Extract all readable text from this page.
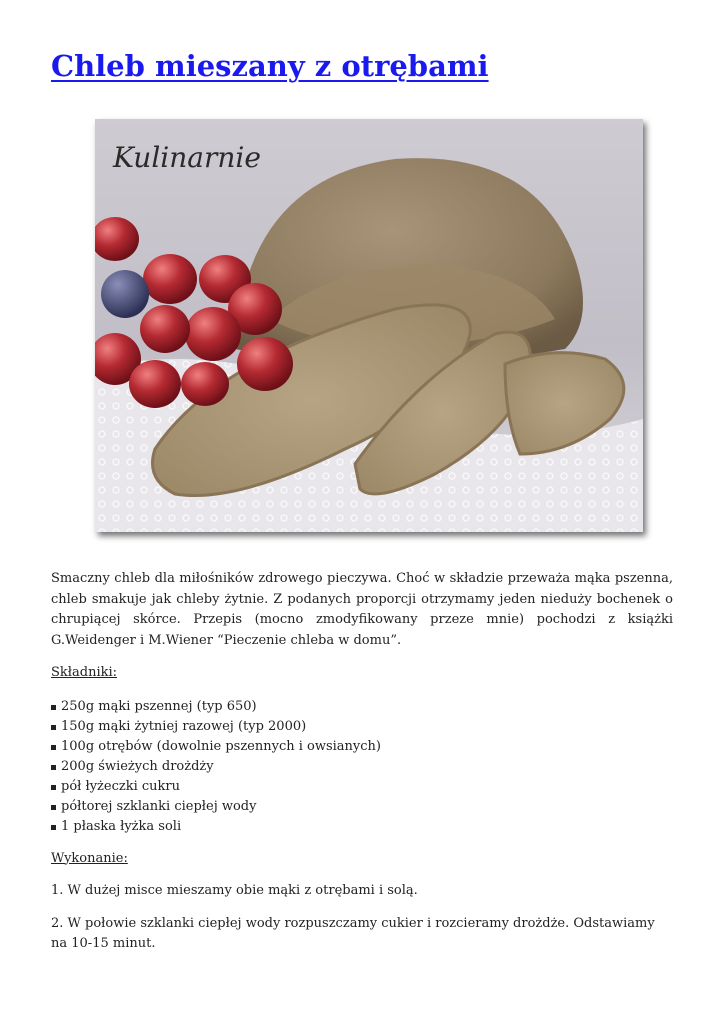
Chleb mieszany z otrębami
Kulinarnie

Smaczny chleb dla miłośników zdrowego pieczywa. Choć w składzie przeważa mąka pszenna, chleb smakuje jak chleby żytnie. Z podanych proporcji otrzymamy jeden nieduży bochenek o chrupiącej skórce. Przepis (mocno zmodyfikowany przeze mnie) pochodzi z książki G.Weidenger i M.Wiener “Pieczenie chleba w domu”.

Składniki:

250g mąki pszennej (typ 650)
150g mąki żytniej razowej (typ 2000)
100g otrębów (dowolnie pszennych i owsianych)
200g świeżych drożdży
pół łyżeczki cukru
półtorej szklanki ciepłej wody
1 płaska łyżka soli

Wykonanie:

1. W dużej misce mieszamy obie mąki z otrębami i solą.

2. W połowie szklanki ciepłej wody rozpuszczamy cukier i rozcieramy drożdże. Odstawiamy na 10-15 minut.
